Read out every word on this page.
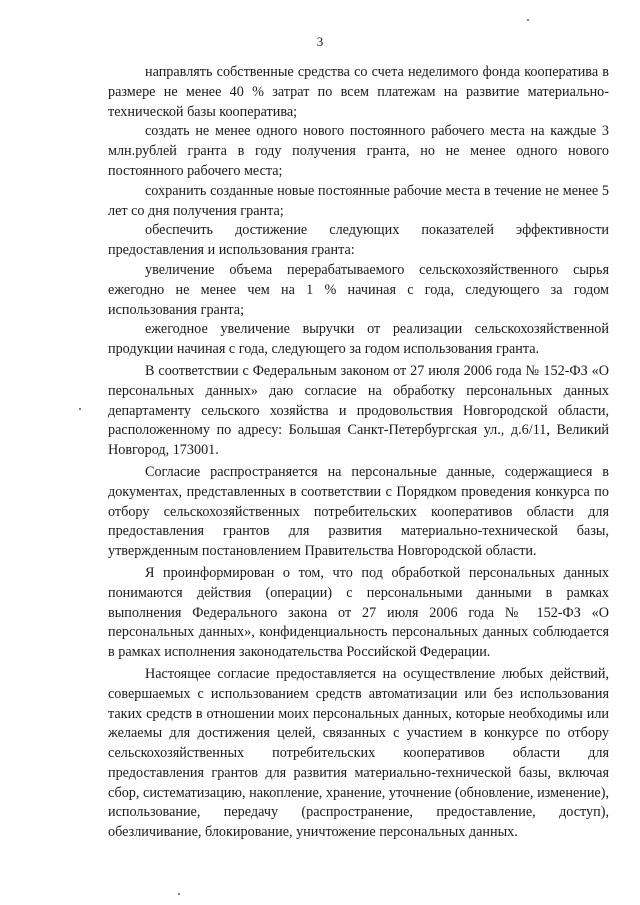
3

направлять собственные средства со счета неделимого фонда кооператива в размере не менее 40 % затрат по всем платежам на развитие материально-технической базы кооператива;

создать не менее одного нового постоянного рабочего места на каждые 3 млн.рублей гранта в году получения гранта, но не менее одного нового постоянного рабочего места;

сохранить созданные новые постоянные рабочие места в течение не менее 5 лет со дня получения гранта;

обеспечить достижение следующих показателей эффективности предоставления и использования гранта:

увеличение объема перерабатываемого сельскохозяйственного сырья ежегодно не менее чем на 1 % начиная с года, следующего за годом использования гранта;

ежегодное увеличение выручки от реализации сельскохозяйственной продукции начиная с года, следующего за годом использования гранта.

В соответствии с Федеральным законом от 27 июля 2006 года № 152-ФЗ «О персональных данных» даю согласие на обработку персональных данных департаменту сельского хозяйства и продовольствия Новгородской области, расположенному по адресу: Большая Санкт-Петербургская ул., д.6/11, Великий Новгород, 173001.

Согласие распространяется на персональные данные, содержащиеся в документах, представленных в соответствии с Порядком проведения конкурса по отбору сельскохозяйственных потребительских кооперативов области для предоставления грантов для развития материально-технической базы, утвержденным постановлением Правительства Новгородской области.

Я проинформирован о том, что под обработкой персональных данных понимаются действия (операции) с персональными данными в рамках выполнения Федерального закона от 27 июля 2006 года № 152-ФЗ «О персональных данных», конфиденциальность персональных данных соблюдается в рамках исполнения законодательства Российской Федерации.

Настоящее согласие предоставляется на осуществление любых действий, совершаемых с использованием средств автоматизации или без использования таких средств в отношении моих персональных данных, которые необходимы или желаемы для достижения целей, связанных с участием в конкурсе по отбору сельскохозяйственных потребительских кооперативов области для предоставления грантов для развития материально-технической базы, включая сбор, систематизацию, накопление, хранение, уточнение (обновление, изменение), использование, передачу (распространение, предоставление, доступ), обезличивание, блокирование, уничтожение персональных данных.
